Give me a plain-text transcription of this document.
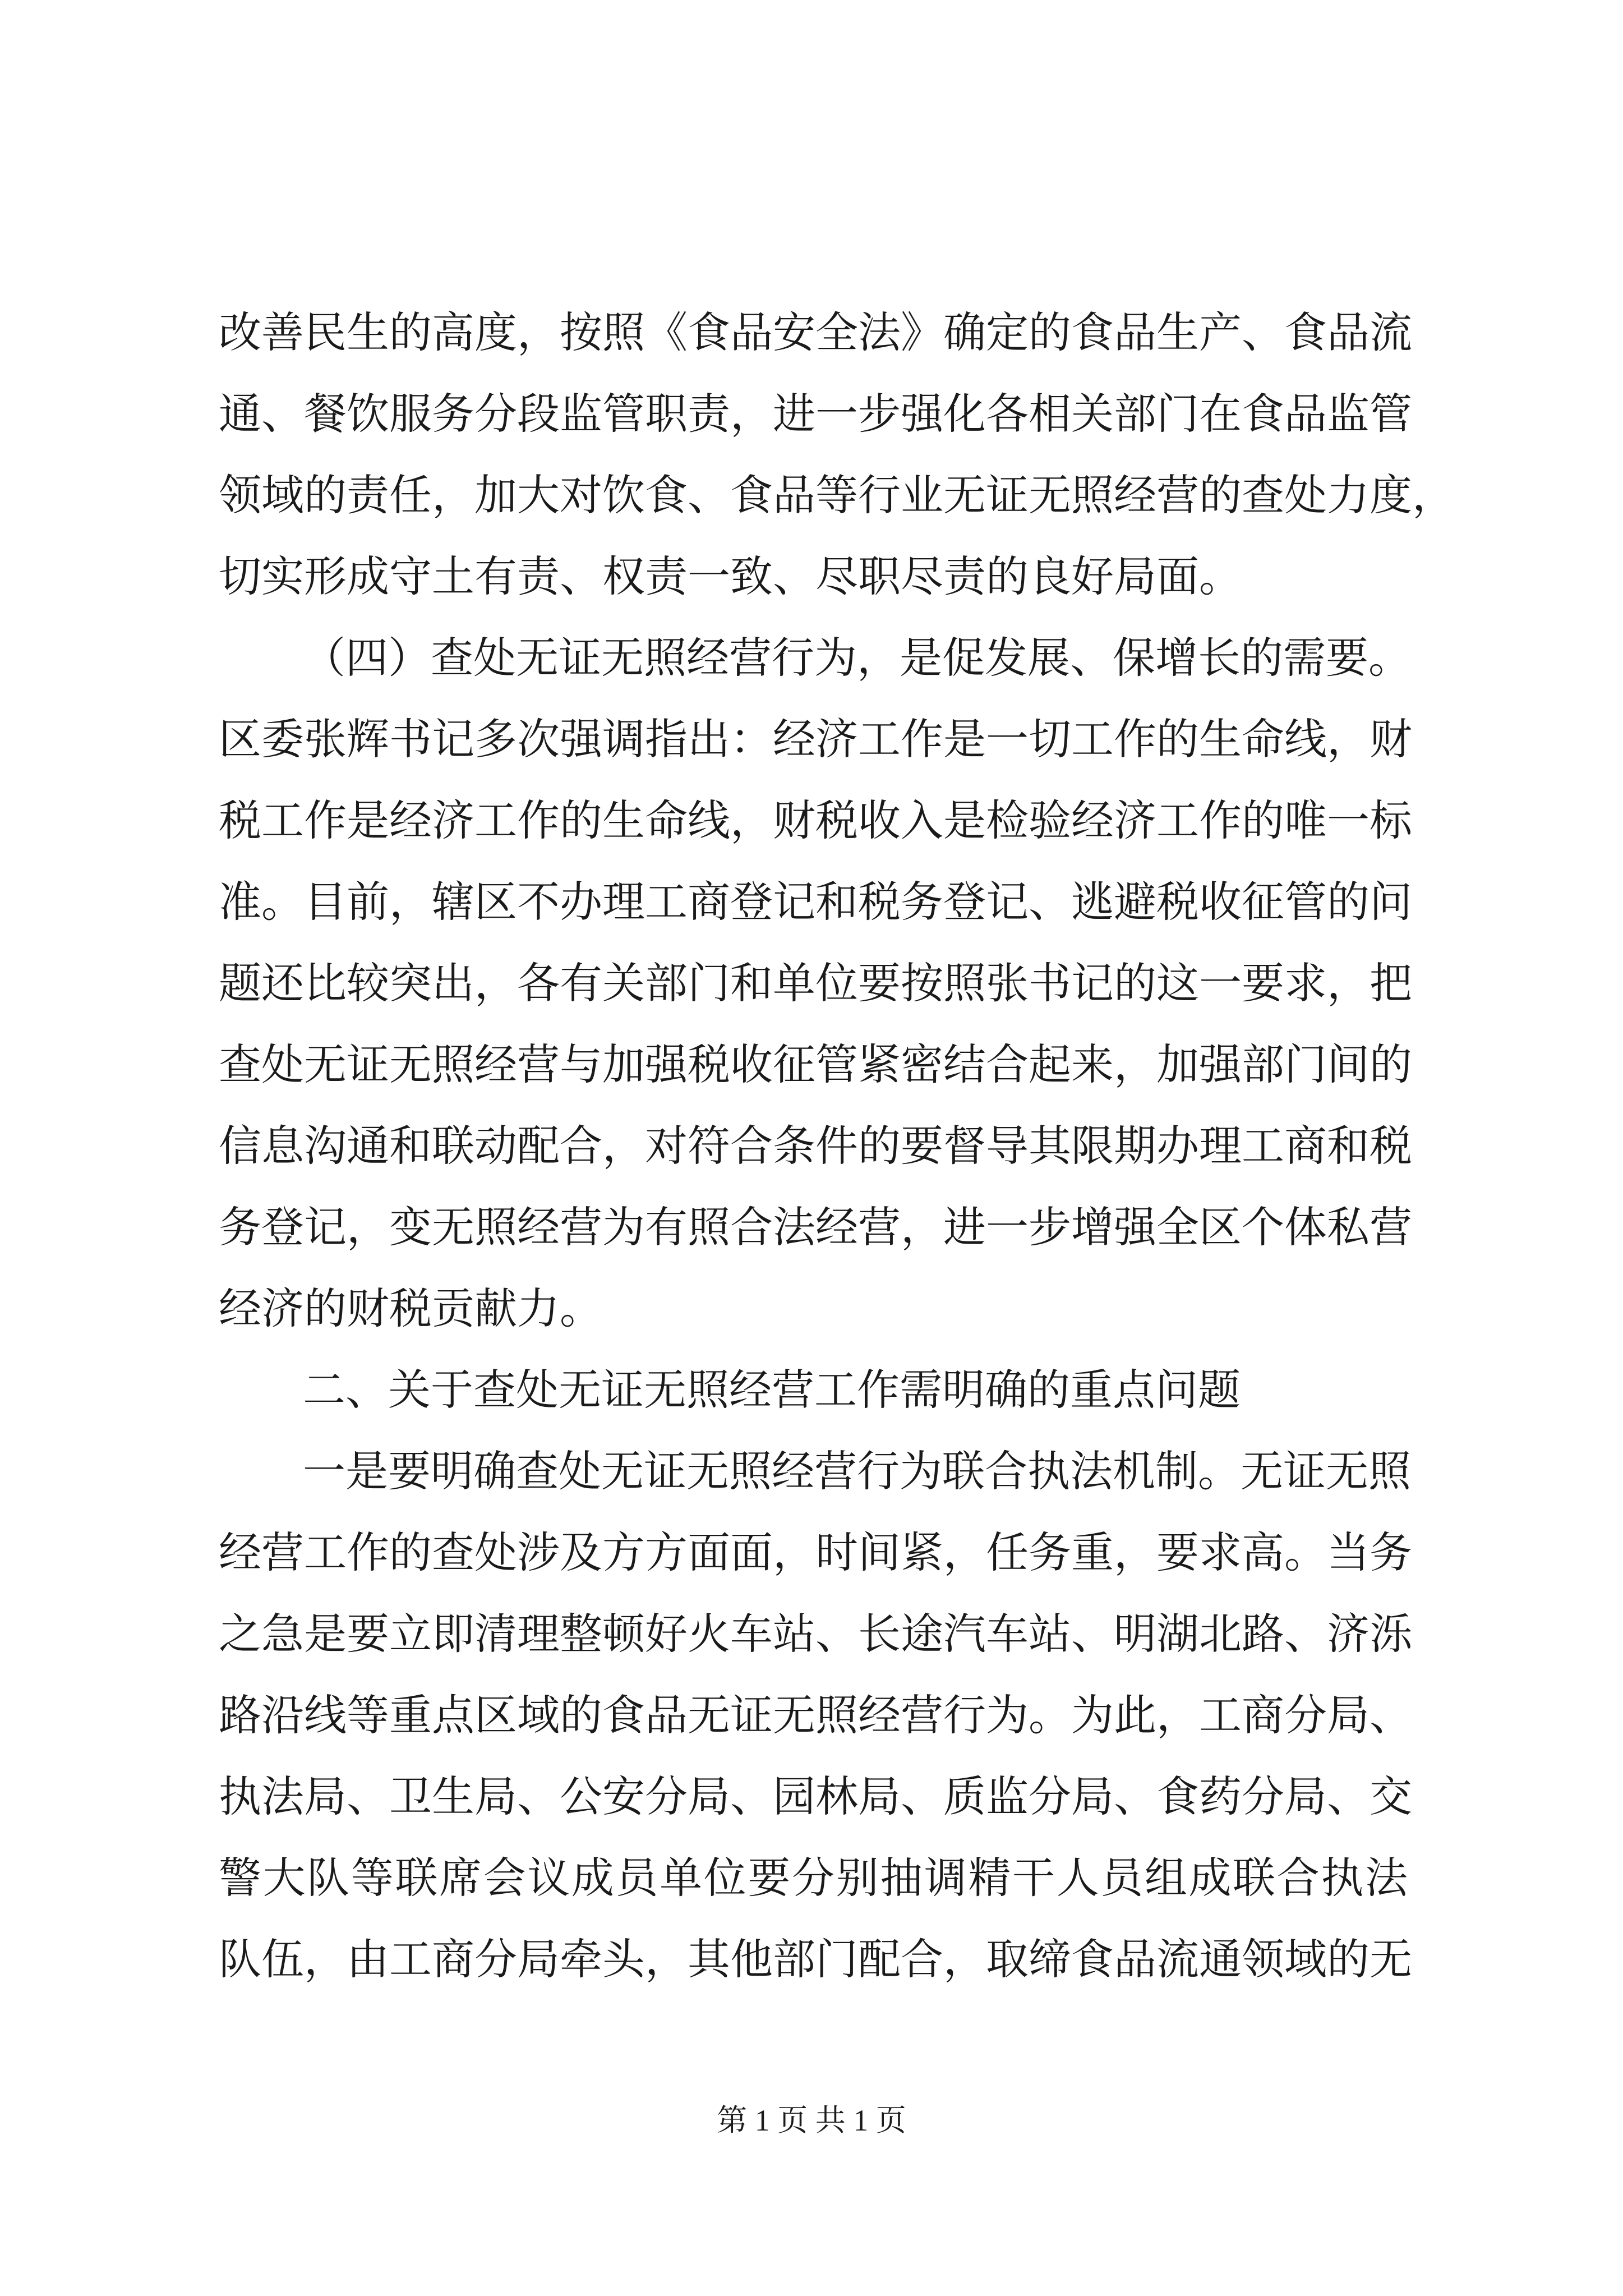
改善民生的高度，按照《食品安全法》确定的食品生产、食品流
通、餐饮服务分段监管职责，进一步强化各相关部门在食品监管
领域的责任，加大对饮食、食品等行业无证无照经营的查处力度，
切实形成守土有责、权责一致、尽职尽责的良好局面。
（四）查处无证无照经营行为，是促发展、保增长的需要。
区委张辉书记多次强调指出：经济工作是一切工作的生命线，财
税工作是经济工作的生命线，财税收入是检验经济工作的唯一标
准。目前，辖区不办理工商登记和税务登记、逃避税收征管的问
题还比较突出，各有关部门和单位要按照张书记的这一要求，把
查处无证无照经营与加强税收征管紧密结合起来，加强部门间的
信息沟通和联动配合，对符合条件的要督导其限期办理工商和税
务登记，变无照经营为有照合法经营，进一步增强全区个体私营
经济的财税贡献力。
二、关于查处无证无照经营工作需明确的重点问题
一是要明确查处无证无照经营行为联合执法机制。无证无照
经营工作的查处涉及方方面面，时间紧，任务重，要求高。当务
之急是要立即清理整顿好火车站、长途汽车站、明湖北路、济泺
路沿线等重点区域的食品无证无照经营行为。为此，工商分局、
执法局、卫生局、公安分局、园林局、质监分局、食药分局、交
警大队等联席会议成员单位要分别抽调精干人员组成联合执法
队伍，由工商分局牵头，其他部门配合，取缔食品流通领域的无
第 1 页 共 1 页
